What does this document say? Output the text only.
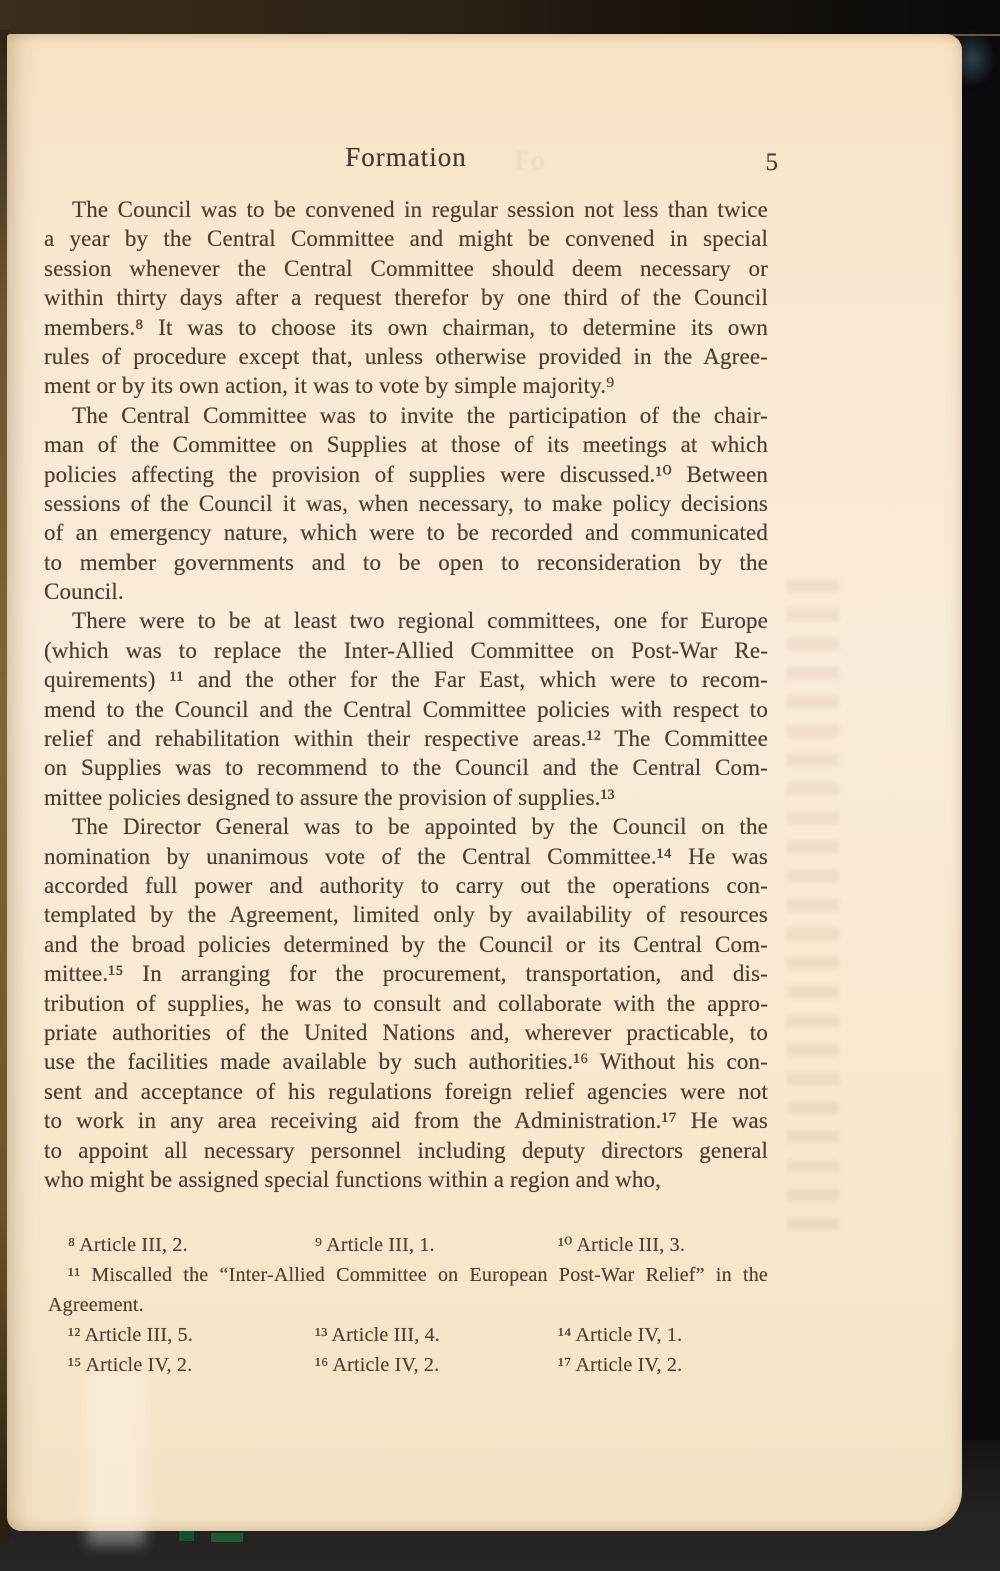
Fo
Formation	5
The Council was to be convened in regular session not less than twice
a year by the Central Committee and might be convened in special
session whenever the Central Committee should deem necessary or
within thirty days after a request therefor by one third of the Council
members.⁸ It was to choose its own chairman, to determine its own
rules of procedure except that, unless otherwise provided in the Agree-
ment or by its own action, it was to vote by simple majority.⁹
The Central Committee was to invite the participation of the chair-
man of the Committee on Supplies at those of its meetings at which
policies affecting the provision of supplies were discussed.¹⁰ Between
sessions of the Council it was, when necessary, to make policy decisions
of an emergency nature, which were to be recorded and communicated
to member governments and to be open to reconsideration by the
Council.
There were to be at least two regional committees, one for Europe
(which was to replace the Inter-Allied Committee on Post-War Re-
quirements) ¹¹ and the other for the Far East, which were to recom-
mend to the Council and the Central Committee policies with respect to
relief and rehabilitation within their respective areas.¹² The Committee
on Supplies was to recommend to the Council and the Central Com-
mittee policies designed to assure the provision of supplies.¹³
The Director General was to be appointed by the Council on the
nomination by unanimous vote of the Central Committee.¹⁴ He was
accorded full power and authority to carry out the operations con-
templated by the Agreement, limited only by availability of resources
and the broad policies determined by the Council or its Central Com-
mittee.¹⁵ In arranging for the procurement, transportation, and dis-
tribution of supplies, he was to consult and collaborate with the appro-
priate authorities of the United Nations and, wherever practicable, to
use the facilities made available by such authorities.¹⁶ Without his con-
sent and acceptance of his regulations foreign relief agencies were not
to work in any area receiving aid from the Administration.¹⁷ He was
to appoint all necessary personnel including deputy directors general
who might be assigned special functions within a region and who,
⁸ Article III, 2.	⁹ Article III, 1.	¹⁰ Article III, 3.
¹¹ Miscalled the “Inter-Allied Committee on European Post-War Relief” in the
Agreement.
¹² Article III, 5.	¹³ Article III, 4.	¹⁴ Article IV, 1.
¹⁵ Article IV, 2.	¹⁶ Article IV, 2.	¹⁷ Article IV, 2.
